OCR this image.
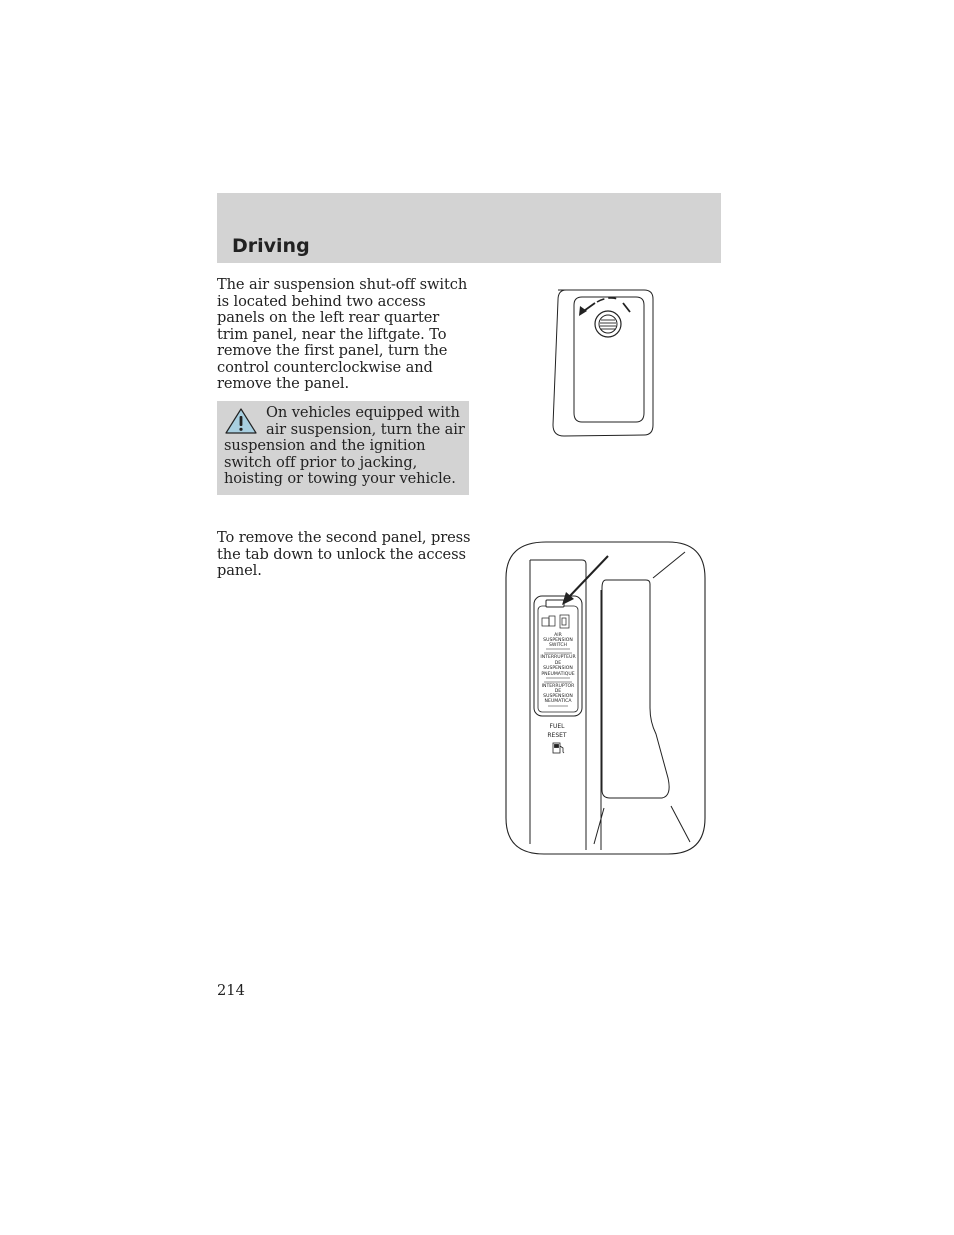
Driving

The air suspension shut-off switch is located behind two access panels on the left rear quarter trim panel, near the liftgate. To remove the first panel, turn the control counterclockwise and remove the panel.

On vehicles equipped with air suspension, turn the air suspension and the ignition switch off prior to jacking, hoisting or towing your vehicle.

AIR
SUSPENSION
SWITCH
INTERRUPTEUR
DE
SUSPENSION
PNEUMATIQUE
INTERRUPTOR
DE
SUSPENSION
NEUMATICA
FUEL
RESET

To remove the second panel, press the tab down to unlock the access panel.

214
